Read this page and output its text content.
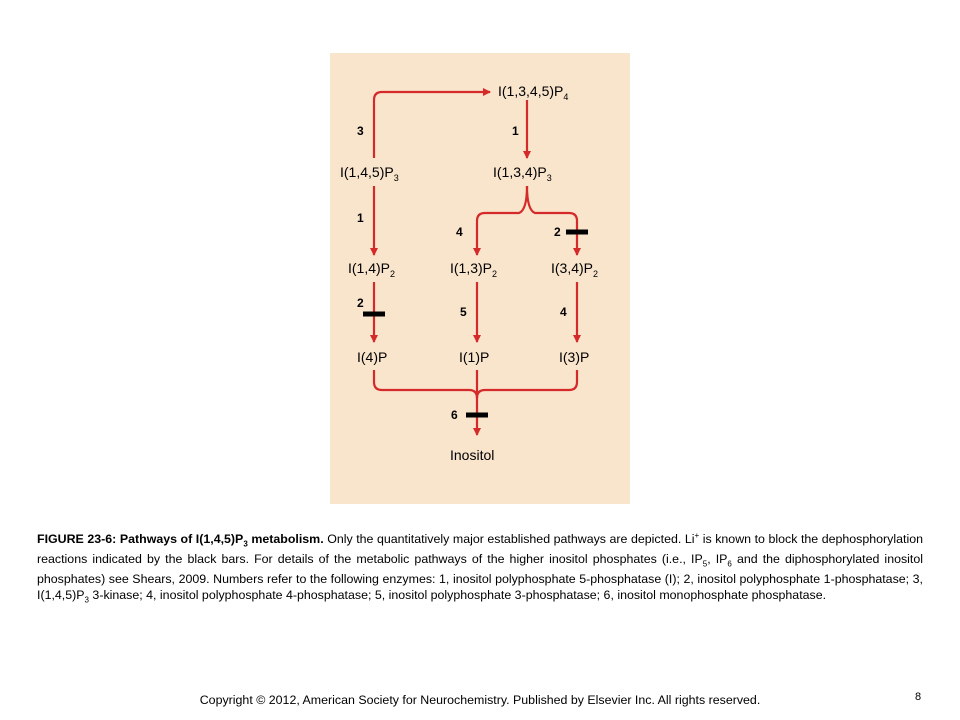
$I(1,3,4,5)P_4$
$I(1,4,5)P_3$	$I(1,3,4)P_3$
$I(1,4)P_2$	$I(1,3)P_2$	$I(3,4)P_2$
I(4)P	I(1)P	I(3)P
Inositol
3	1
1
4	2
2
5	4
6
FIGURE 23-6: Pathways of $I(1,4,5)P_3$ metabolism. Only the quantitatively major established pathways are depicted. Li+ is known to block the dephosphorylation reactions indicated by the black bars. For details of the metabolic pathways of the higher inositol phosphates (i.e., $IP_5$, $IP_6$ and the diphosphorylated inositol phosphates) see Shears, 2009. Numbers refer to the following enzymes: 1, inositol polyphosphate 5-phosphatase (I); 2, inositol polyphosphate 1-phosphatase; 3, $I(1,4,5)P_3$ 3-kinase; 4, inositol polyphosphate 4-phosphatase; 5, inositol polyphosphate 3-phosphatase; 6, inositol monophosphate phosphatase.
Copyright © 2012, American Society for Neurochemistry. Published by Elsevier Inc. All rights reserved.	8
